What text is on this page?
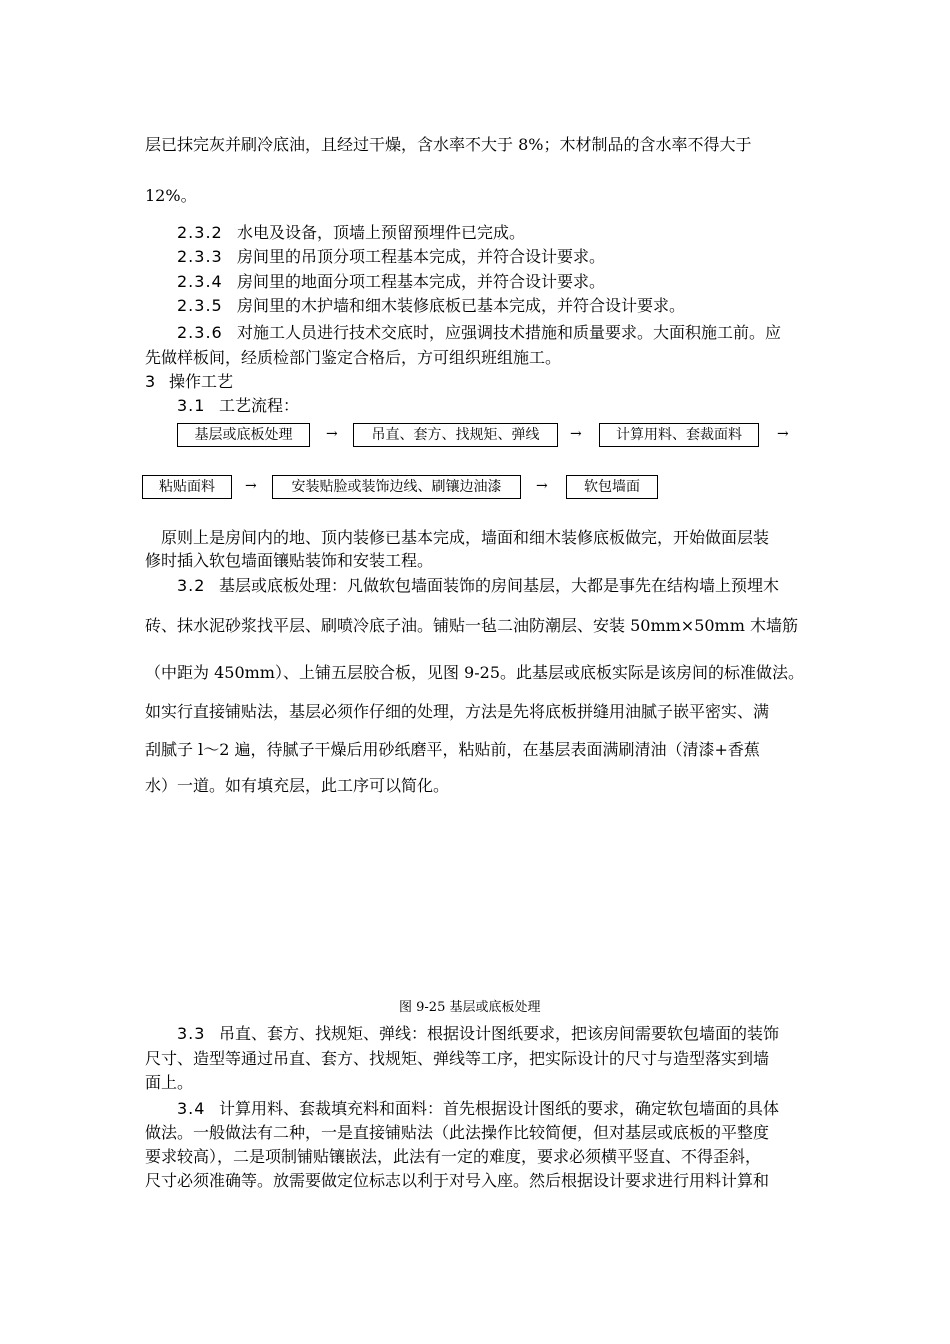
层已抹完灰并刷冷底油，且经过干燥，含水率不大于 8%；木材制品的含水率不得大于
12%。
2.3.2 水电及设备，顶墙上预留预埋件已完成。
2.3.3 房间里的吊顶分项工程基本完成，并符合设计要求。
2.3.4 房间里的地面分项工程基本完成，并符合设计要求。
2.3.5 房间里的木护墙和细木装修底板已基本完成，并符合设计要求。
2.3.6 对施工人员进行技术交底时，应强调技术措施和质量要求。大面积施工前。应
先做样板间，经质检部门鉴定合格后，方可组织班组施工。
3 操作工艺
3.1 工艺流程：
基层或底板处理	→	吊直、套方、找规矩、弹线	→	计算用料、套裁面料	→
粘贴面料	→	安装贴脸或装饰边线、刷镶边油漆	→	软包墙面
原则上是房间内的地、顶内装修已基本完成，墙面和细木装修底板做完，开始做面层装
修时插入软包墙面镶贴装饰和安装工程。
3.2 基层或底板处理：凡做软包墙面装饰的房间基层，大都是事先在结构墙上预埋木
砖、抹水泥砂浆找平层、刷喷冷底子油。铺贴一毡二油防潮层、安装 50mm×50mm 木墙筋
（中距为 450mm）、上铺五层胶合板，见图 9-25。此基层或底板实际是该房间的标准做法。
如实行直接铺贴法，基层必须作仔细的处理，方法是先将底板拼缝用油腻子嵌平密实、满
刮腻子 l～2 遍，待腻子干燥后用砂纸磨平，粘贴前，在基层表面满刷清油（清漆+香蕉
水）一道。如有填充层，此工序可以简化。
图 9-25 基层或底板处理
3.3 吊直、套方、找规矩、弹线：根据设计图纸要求，把该房间需要软包墙面的装饰
尺寸、造型等通过吊直、套方、找规矩、弹线等工序，把实际设计的尺寸与造型落实到墙
面上。
3.4 计算用料、套裁填充料和面料：首先根据设计图纸的要求，确定软包墙面的具体
做法。一般做法有二种，一是直接铺贴法（此法操作比较简便，但对基层或底板的平整度
要求较高），二是项制铺贴镶嵌法，此法有一定的难度，要求必须横平竖直、不得歪斜，
尺寸必须准确等。放需要做定位标志以利于对号入座。然后根据设计要求进行用料计算和
